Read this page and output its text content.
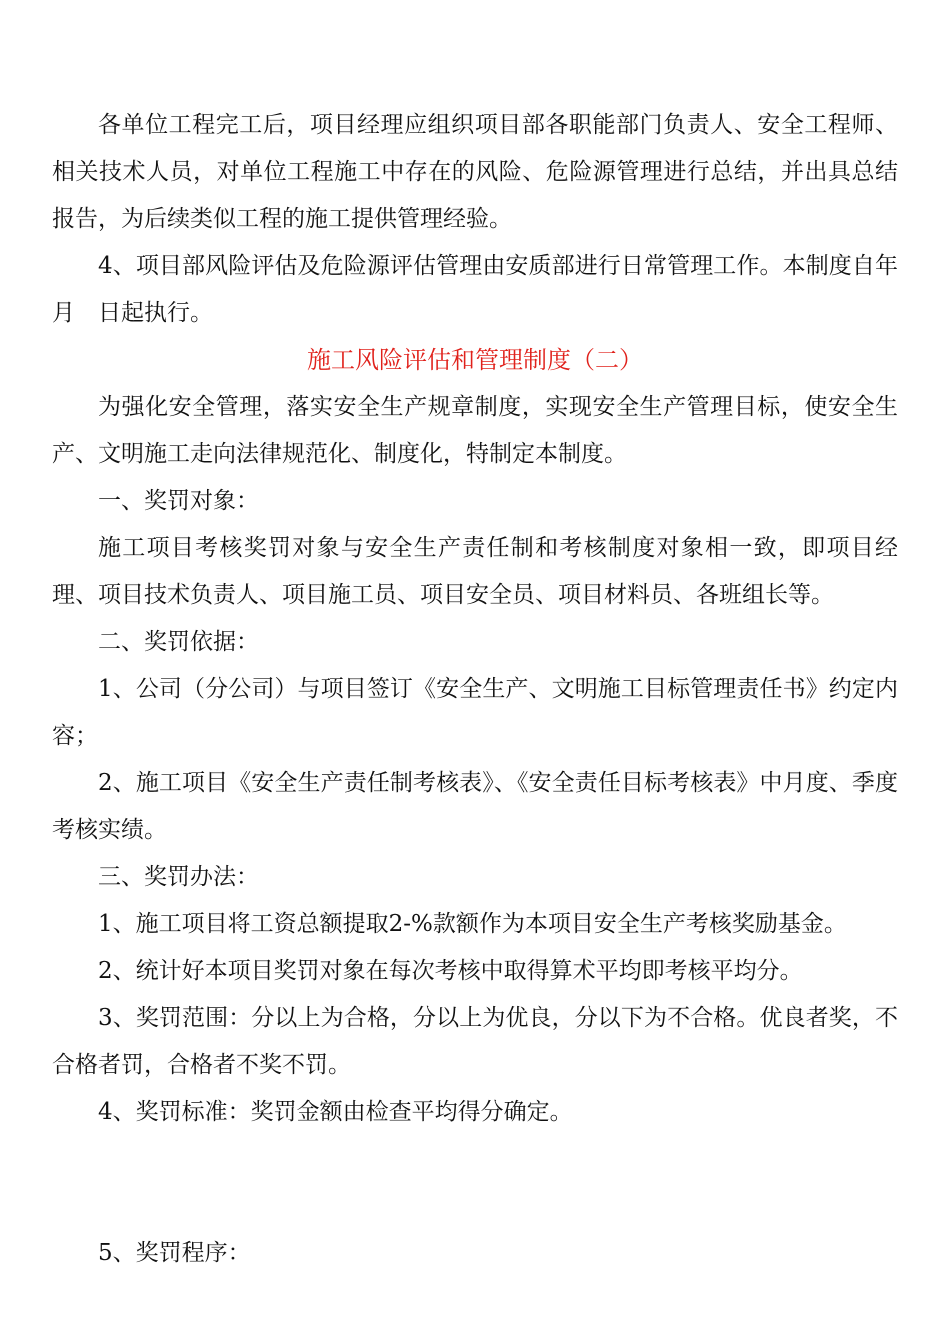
各单位工程完工后，项目经理应组织项目部各职能部门负责人、安全工程师、相关技术人员，对单位工程施工中存在的风险、危险源管理进行总结，并出具总结报告，为后续类似工程的施工提供管理经验。

4、项目部风险评估及危险源评估管理由安质部进行日常管理工作。本制度自年　月　日起执行。

施工风险评估和管理制度（二）

为强化安全管理，落实安全生产规章制度，实现安全生产管理目标，使安全生产、文明施工走向法律规范化、制度化，特制定本制度。

一、奖罚对象：

施工项目考核奖罚对象与安全生产责任制和考核制度对象相一致，即项目经理、项目技术负责人、项目施工员、项目安全员、项目材料员、各班组长等。

二、奖罚依据：

1、公司（分公司）与项目签订《安全生产、文明施工目标管理责任书》约定内容；

2、施工项目《安全生产责任制考核表》、《安全责任目标考核表》中月度、季度考核实绩。

三、奖罚办法：

1、施工项目将工资总额提取2-%款额作为本项目安全生产考核奖励基金。

2、统计好本项目奖罚对象在每次考核中取得算术平均即考核平均分。

3、奖罚范围：分以上为合格，分以上为优良，分以下为不合格。优良者奖，不合格者罚，合格者不奖不罚。

4、奖罚标准：奖罚金额由检查平均得分确定。

5、奖罚程序：
